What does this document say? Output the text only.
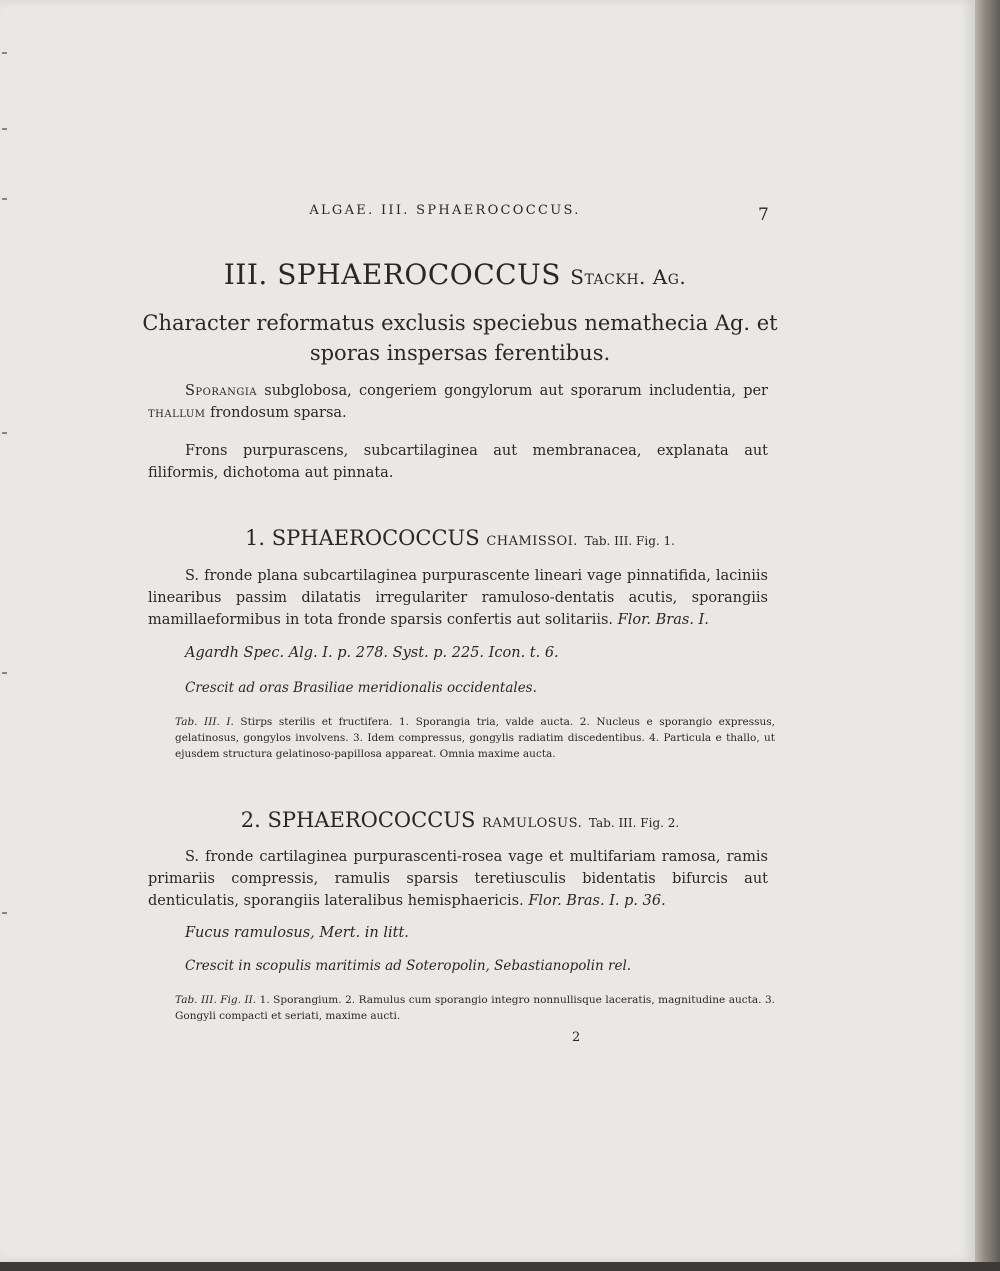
ALGAE. III. SPHAEROCOCCUS.	7
III. SPHAEROCOCCUS Stackh. Ag.
Character reformatus exclusis speciebus nemathecia Ag. et sporas inspersas ferentibus.
Sporangia subglobosa, congeriem gongylorum aut sporarum includentia, per thallum frondosum sparsa.
Frons purpurascens, subcartilaginea aut membranacea, explanata aut filiformis, dichotoma aut pinnata.
1. SPHAEROCOCCUS CHAMISSOI. Tab. III. Fig. 1.
S. fronde plana subcartilaginea purpurascente lineari vage pinnatifida, laciniis linearibus passim dilatatis irregulariter ramuloso-dentatis acutis, sporangiis mamillaeformibus in tota fronde sparsis confertis aut solitariis. Flor. Bras. I.
Agardh Spec. Alg. I. p. 278. Syst. p. 225. Icon. t. 6.
Crescit ad oras Brasiliae meridionalis occidentales.
Tab. III. I. Stirps sterilis et fructifera. 1. Sporangia tria, valde aucta. 2. Nucleus e sporangio expressus, gelatinosus, gongylos involvens. 3. Idem compressus, gongylis radiatim discedentibus. 4. Particula e thallo, ut ejusdem structura gelatinoso-papillosa appareat. Omnia maxime aucta.
2. SPHAEROCOCCUS RAMULOSUS. Tab. III. Fig. 2.
S. fronde cartilaginea purpurascenti-rosea vage et multifariam ramosa, ramis primariis compressis, ramulis sparsis teretiusculis bidentatis bifurcis aut denticulatis, sporangiis lateralibus hemisphaericis. Flor. Bras. I. p. 36.
Fucus ramulosus, Mert. in litt.
Crescit in scopulis maritimis ad Soteropolin, Sebastianopolin rel.
Tab. III. Fig. II. 1. Sporangium. 2. Ramulus cum sporangio integro nonnullisque laceratis, magnitudine aucta. 3. Gongyli compacti et seriati, maxime aucti.
2
